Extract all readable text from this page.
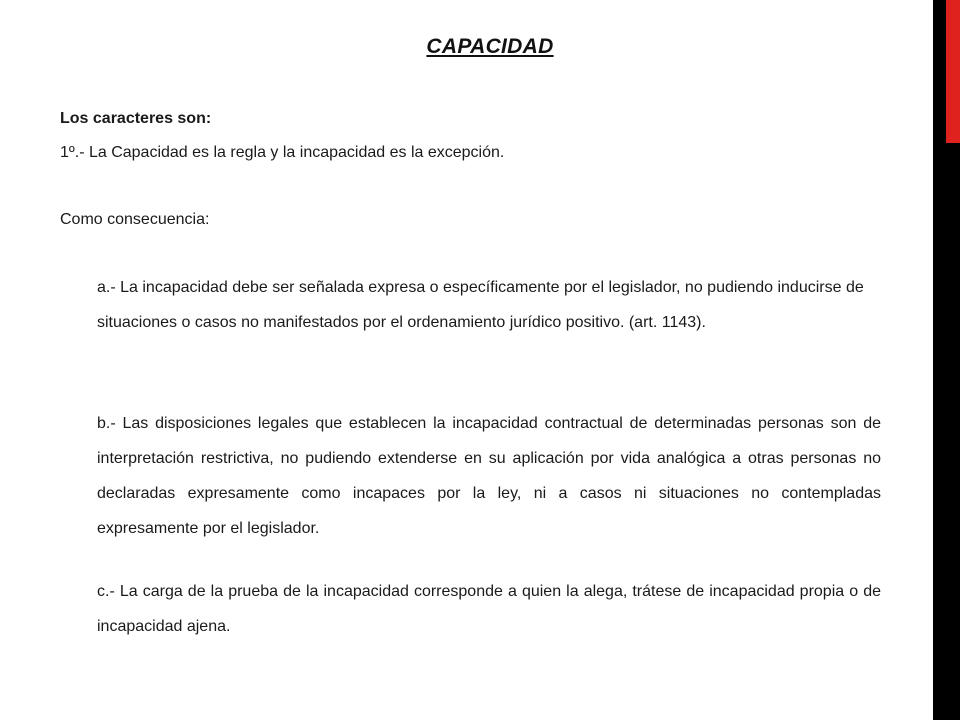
CAPACIDAD
Los caracteres son:
1º.- La Capacidad es la regla y la incapacidad es la excepción.
Como consecuencia:
a.- La incapacidad debe ser señalada expresa o específicamente por el legislador, no pudiendo inducirse de situaciones o casos no manifestados por el ordenamiento jurídico positivo. (art. 1143).
b.- Las disposiciones legales que establecen la incapacidad contractual de determinadas personas son de interpretación restrictiva, no pudiendo extenderse en su aplicación por vida analógica a otras personas no declaradas expresamente como incapaces por la ley, ni a casos ni situaciones no contempladas expresamente por el legislador.
c.- La carga de la prueba de la incapacidad corresponde a quien la alega, trátese de incapacidad propia o de incapacidad ajena.
